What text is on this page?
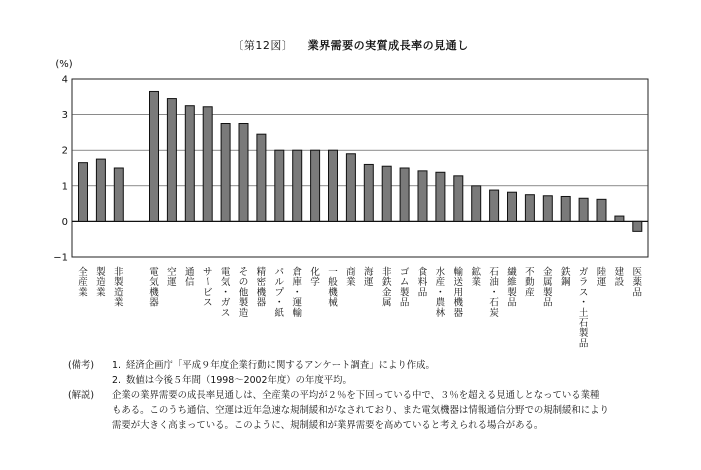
〔第12図〕 業界需要の実質成長率の見通し
−1
0
1
2
3
4
(%)
全
産
業
製
造
業
非
製
造
業
電
気
機
器
空
運
通
信
サ
ー
ビ
ス
電
気
・
ガ
ス
そ
の
他
製
造
精
密
機
器
パ
ル
プ
・
紙
倉
庫
・
運
輸
化
学
一
般
機
械
商
業
海
運
非
鉄
金
属
ゴ
ム
製
品
食
料
品
水
産
・
農
林
輸
送
用
機
器
鉱
業
石
油
・
石
炭
繊
維
製
品
不
動
産
金
属
製
品
鉄
鋼
ガ
ラ
ス
・
土
石
製
品
陸
運
建
設
医
薬
品
(備考)	1. 経済企画庁「平成９年度企業行動に関するアンケート調査」により作成。
2. 数値は今後５年間（1998〜2002年度）の年度平均。
(解説)	企業の業界需要の成長率見通しは、全産業の平均が２％を下回っている中で、３％を超える見通しとなっている業種
もある。このうち通信、空運は近年急速な規制緩和がなされており、また電気機器は情報通信分野での規制緩和により
需要が大きく高まっている。このように、規制緩和が業界需要を高めていると考えられる場合がある。
